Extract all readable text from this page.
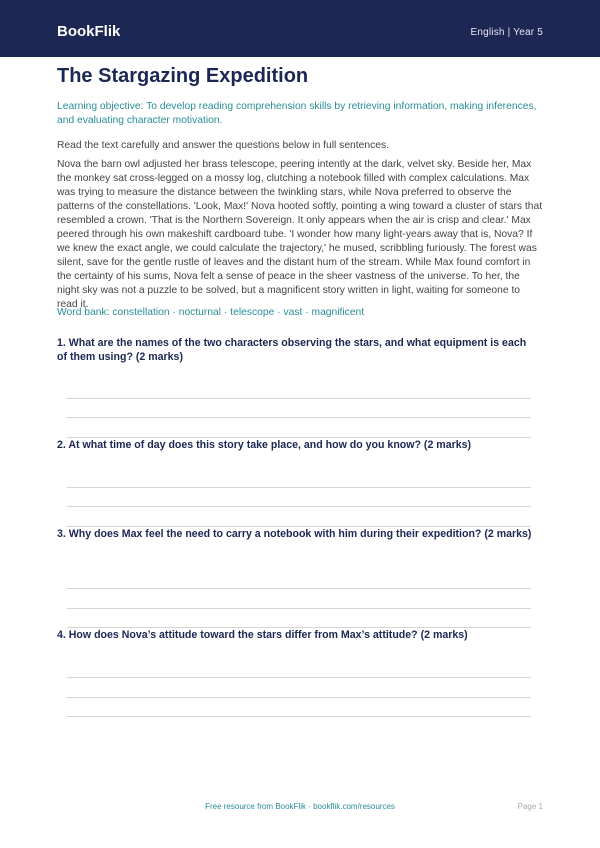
BookFlik	English | Year 5
The Stargazing Expedition

Learning objective: To develop reading comprehension skills by retrieving information, making inferences, and evaluating character motivation.

Read the text carefully and answer the questions below in full sentences.

Nova the barn owl adjusted her brass telescope, peering intently at the dark, velvet sky. Beside her, Max the monkey sat cross-legged on a mossy log, clutching a notebook filled with complex calculations. Max was trying to measure the distance between the twinkling stars, while Nova preferred to observe the patterns of the constellations. 'Look, Max!' Nova hooted softly, pointing a wing toward a cluster of stars that resembled a crown. 'That is the Northern Sovereign. It only appears when the air is crisp and clear.' Max peered through his own makeshift cardboard tube. 'I wonder how many light-years away that is, Nova? If we knew the exact angle, we could calculate the trajectory,' he mused, scribbling furiously. The forest was silent, save for the gentle rustle of leaves and the distant hum of the stream. While Max found comfort in the certainty of his sums, Nova felt a sense of peace in the sheer vastness of the universe. To her, the night sky was not a puzzle to be solved, but a magnificent story written in light, waiting for someone to read it.

Word bank: constellation · nocturnal · telescope · vast · magnificent

1. What are the names of the two characters observing the stars, and what equipment is each of them using? (2 marks)

2. At what time of day does this story take place, and how do you know? (2 marks)

3. Why does Max feel the need to carry a notebook with him during their expedition? (2 marks)

4. How does Nova’s attitude toward the stars differ from Max’s attitude? (2 marks)

Free resource from BookFlik · bookflik.com/resources	Page 1
